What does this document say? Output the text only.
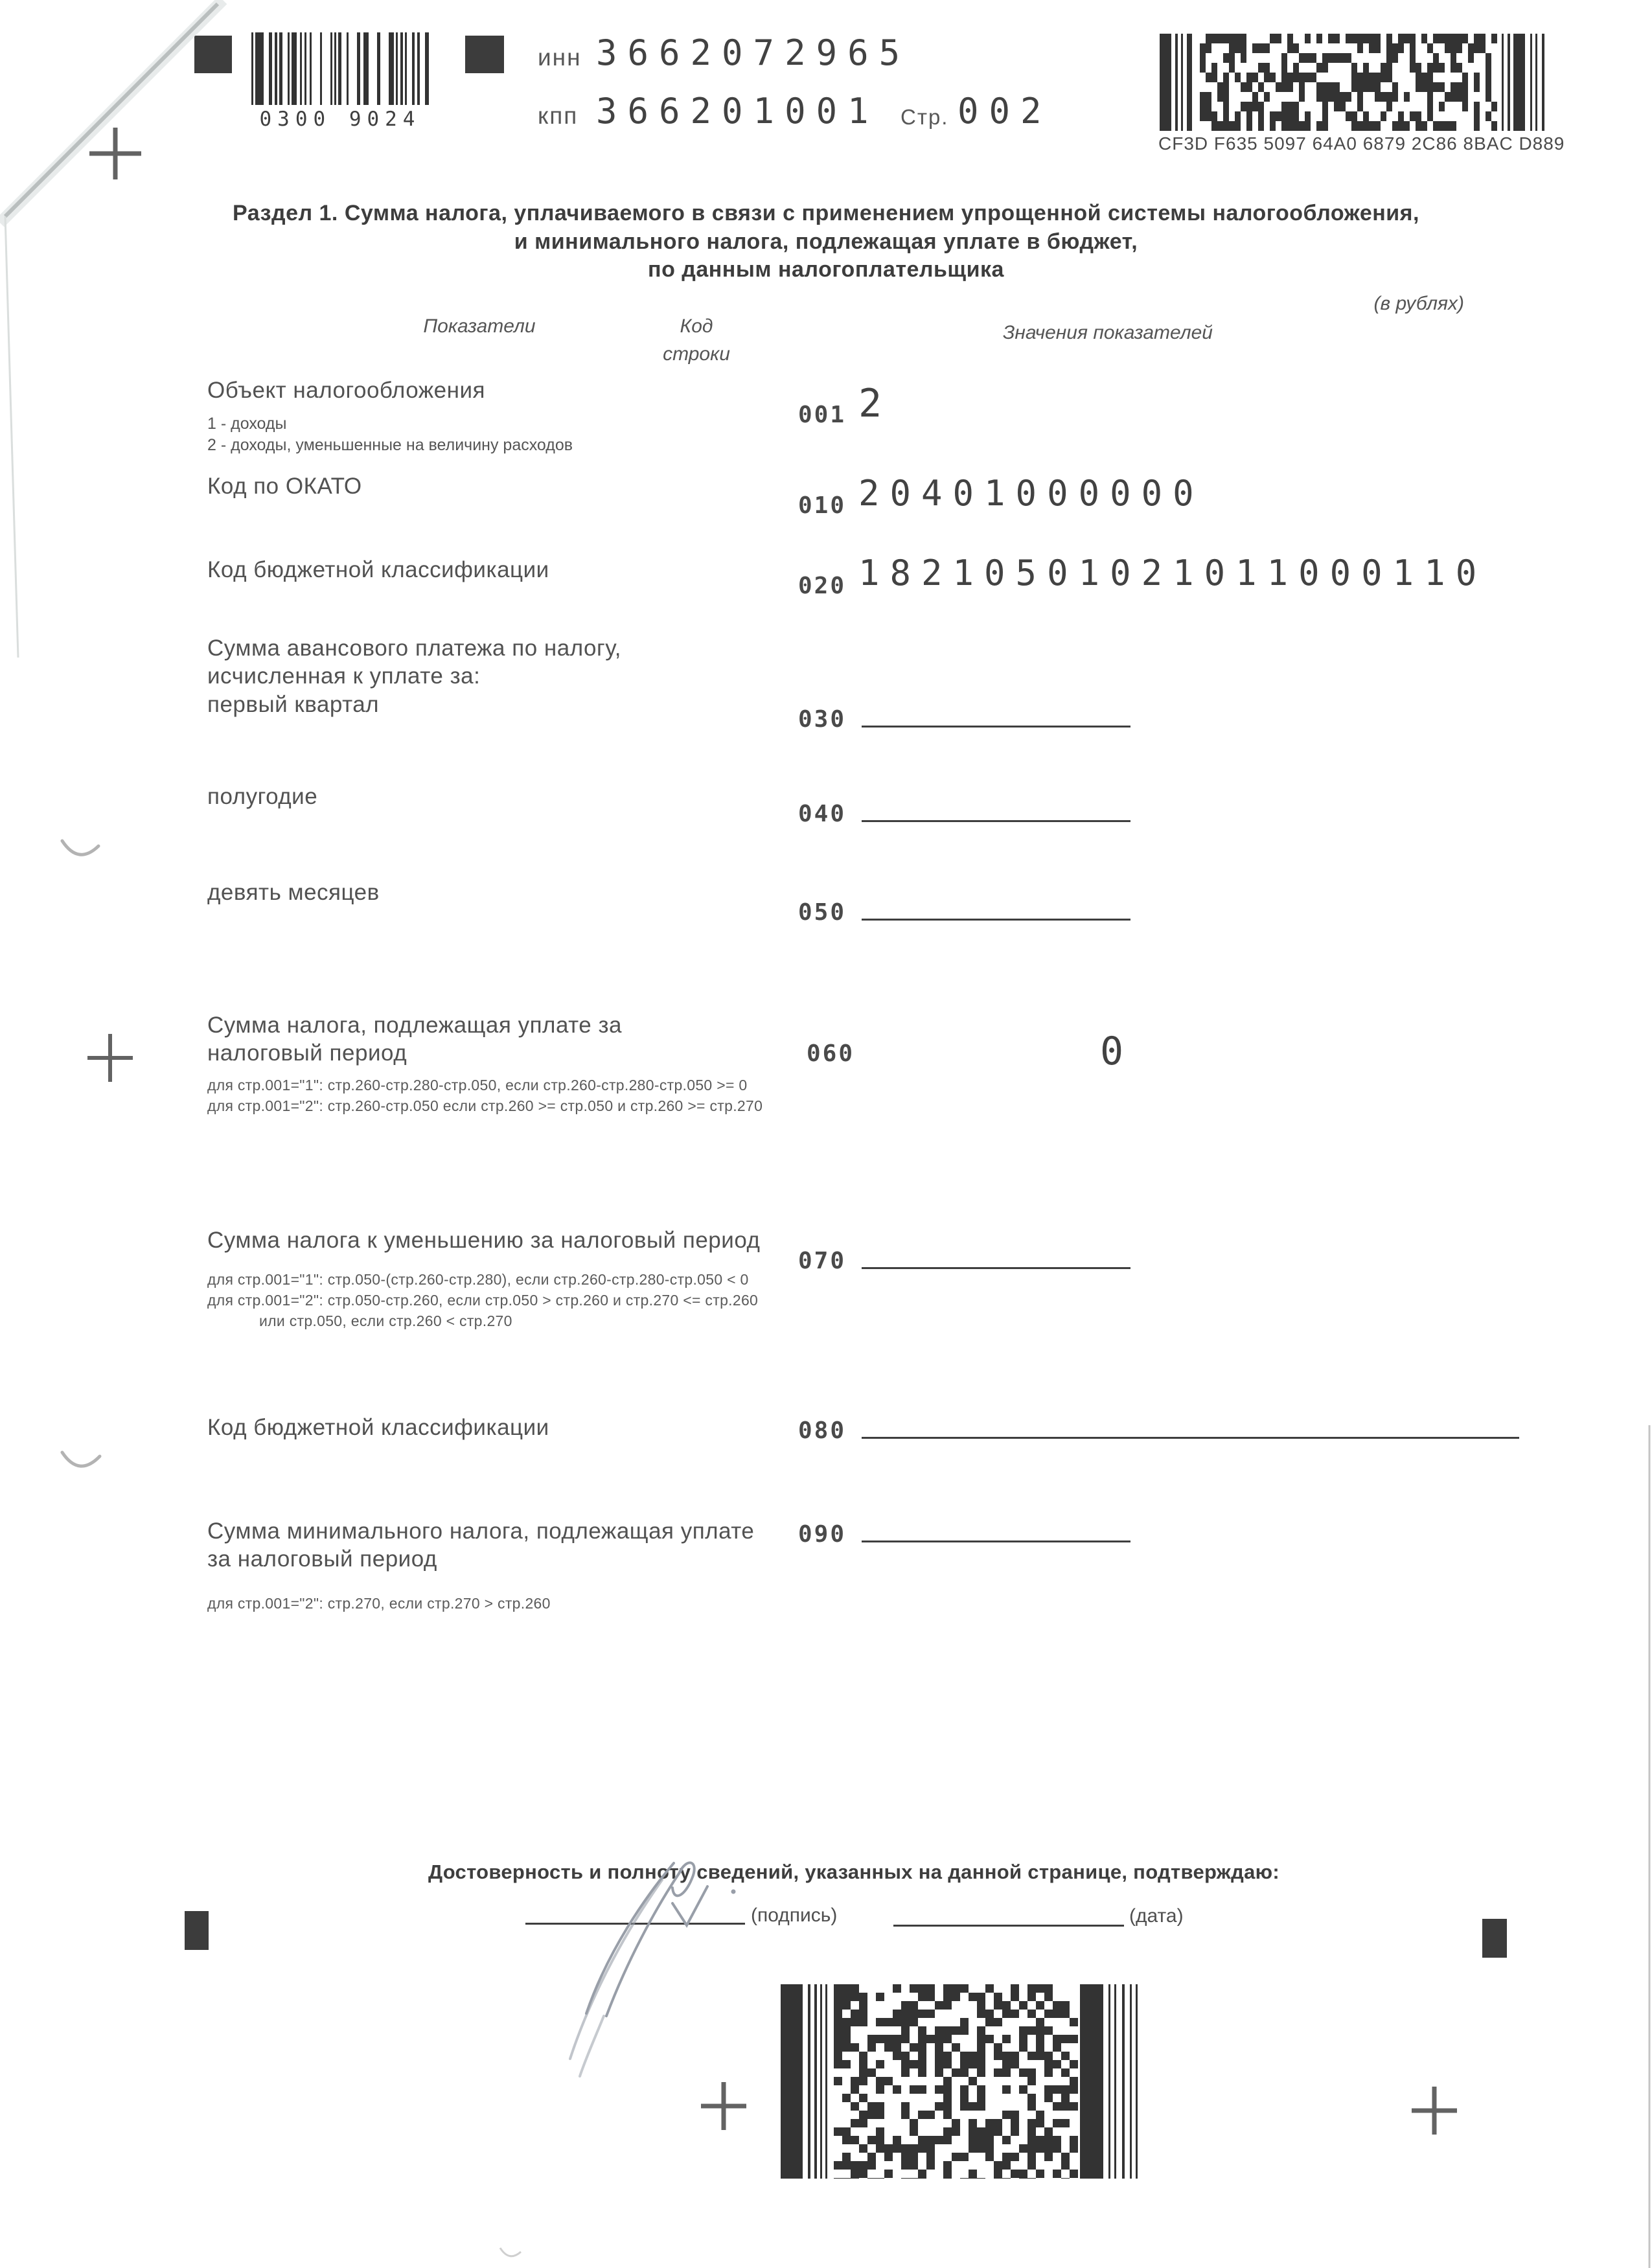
0300 9024
инн 3662072965
кпп 366201001 Стр. 002
CF3D F635 5097 64A0 6879 2C86 8BAC D889
Раздел 1. Сумма налога, уплачиваемого в связи с применением упрощенной системы налогообложения,
и минимального налога, подлежащая уплате в бюджет,
по данным налогоплательщика
(в рублях)
Показатели	Код
строки
Значения показателей
Объект налогообложения
1 - доходы
2 - доходы, уменьшенные на величину расходов
001 2
Код по ОКАТО
010 20401000000
Код бюджетной классификации
020 18210501021011000110
Сумма авансового платежа по налогу,
исчисленная к уплате за:
первый квартал
030
полугодие
040
девять месяцев
050
Сумма налога, подлежащая уплате за
налоговый период	060	0
для стр.001="1": стр.260-стр.280-стр.050, если стр.260-стр.280-стр.050 >= 0
для стр.001="2": стр.260-стр.050 если стр.260 >= стр.050 и стр.260 >= стр.270
Сумма налога к уменьшению за налоговый период
070
для стр.001="1": стр.050-(стр.260-стр.280), если стр.260-стр.280-стр.050 < 0
для стр.001="2": стр.050-стр.260, если стр.050 > стр.260 и стр.270 <= стр.260
или стр.050, если стр.260 < стр.270
Код бюджетной классификации	080
Сумма минимального налога, подлежащая уплате
за налоговый период
090
для стр.001="2": стр.270, если стр.270 > стр.260
Достоверность и полноту сведений, указанных на данной странице, подтверждаю:
(подпись)	(дата)
